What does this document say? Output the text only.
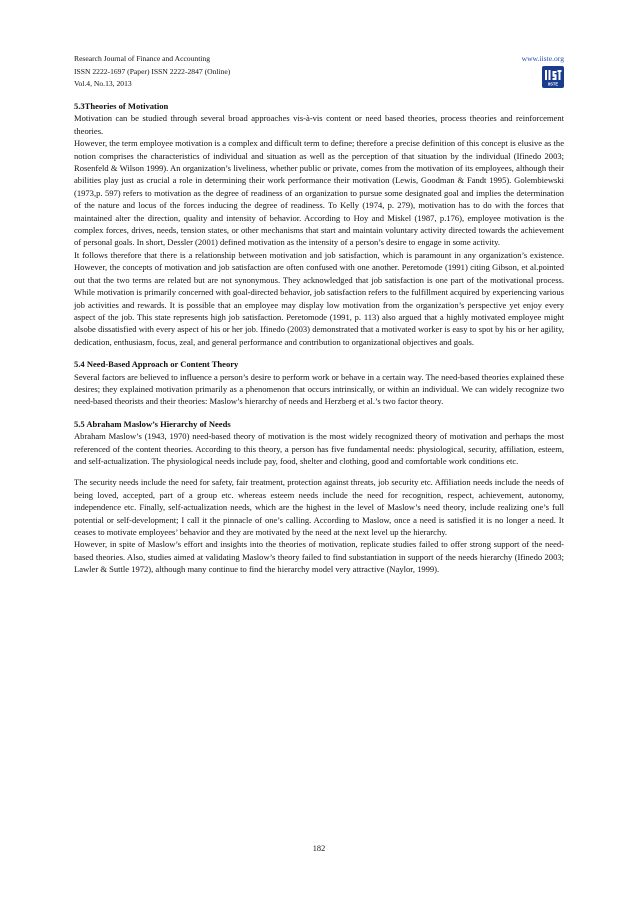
Research Journal of Finance and Accounting
ISSN 2222-1697 (Paper) ISSN 2222-2847 (Online)
Vol.4, No.13, 2013
www.iiste.org
IISTE
5.3Theories of Motivation

Motivation can be studied through several broad approaches vis-à-vis content or need based theories, process theories and reinforcement theories.

However, the term employee motivation is a complex and difficult term to define; therefore a precise definition of this concept is elusive as the notion comprises the characteristics of individual and situation as well as the perception of that situation by the individual (Ifinedo 2003; Rosenfeld & Wilson 1999). An organization’s liveliness, whether public or private, comes from the motivation of its employees, although their abilities play just as crucial a role in determining their work performance their motivation (Lewis, Goodman & Fandt 1995). Golembiewski (1973,p. 597) refers to motivation as the degree of readiness of an organization to pursue some designated goal and implies the determination of the nature and locus of the forces inducing the degree of readiness. To Kelly (1974, p. 279), motivation has to do with the forces that maintained alter the direction, quality and intensity of behavior. According to Hoy and Miskel (1987, p.176), employee motivation is the complex forces, drives, needs, tension states, or other mechanisms that start and maintain voluntary activity directed towards the achievement of personal goals. In short, Dessler (2001) defined motivation as the intensity of a person’s desire to engage in some activity.

It follows therefore that there is a relationship between motivation and job satisfaction, which is paramount in any organization’s existence. However, the concepts of motivation and job satisfaction are often confused with one another. Peretomode (1991) citing Gibson, et al.pointed out that the two terms are related but are not synonymous. They acknowledged that job satisfaction is one part of the motivational process. While motivation is primarily concerned with goal-directed behavior, job satisfaction refers to the fulfillment acquired by experiencing various job activities and rewards. It is possible that an employee may display low motivation from the organization’s perspective yet enjoy every aspect of the job. This state represents high job satisfaction. Peretomode (1991, p. 113) also argued that a highly motivated employee might alsobe dissatisfied with every aspect of his or her job. Ifinedo (2003) demonstrated that a motivated worker is easy to spot by his or her agility, dedication, enthusiasm, focus, zeal, and general performance and contribution to organizational objectives and goals.

5.4 Need-Based Approach or Content Theory

Several factors are believed to influence a person’s desire to perform work or behave in a certain way. The need-based theories explained these desires; they explained motivation primarily as a phenomenon that occurs intrinsically, or within an individual. We can widely recognize two need-based theorists and their theories: Maslow’s hierarchy of needs and Herzberg et al.’s two factor theory.

5.5 Abraham Maslow’s Hierarchy of Needs

Abraham Maslow’s (1943, 1970) need-based theory of motivation is the most widely recognized theory of motivation and perhaps the most referenced of the content theories. According to this theory, a person has five fundamental needs: physiological, security, affiliation, esteem, and self-actualization. The physiological needs include pay, food, shelter and clothing, good and comfortable work conditions etc.

The security needs include the need for safety, fair treatment, protection against threats, job security etc. Affiliation needs include the needs of being loved, accepted, part of a group etc. whereas esteem needs include the need for recognition, respect, achievement, autonomy, independence etc. Finally, self-actualization needs, which are the highest in the level of Maslow’s need theory, include realizing one’s full potential or self-development; I call it the pinnacle of one’s calling. According to Maslow, once a need is satisfied it is no longer a need. It ceases to motivate employees’ behavior and they are motivated by the need at the next level up the hierarchy.

However, in spite of Maslow’s effort and insights into the theories of motivation, replicate studies failed to offer strong support of the need-based theories. Also, studies aimed at validating Maslow’s theory failed to find substantiation in support of the needs hierarchy (Ifinedo 2003; Lawler & Suttle 1972), although many continue to find the hierarchy model very attractive (Naylor, 1999).

182
